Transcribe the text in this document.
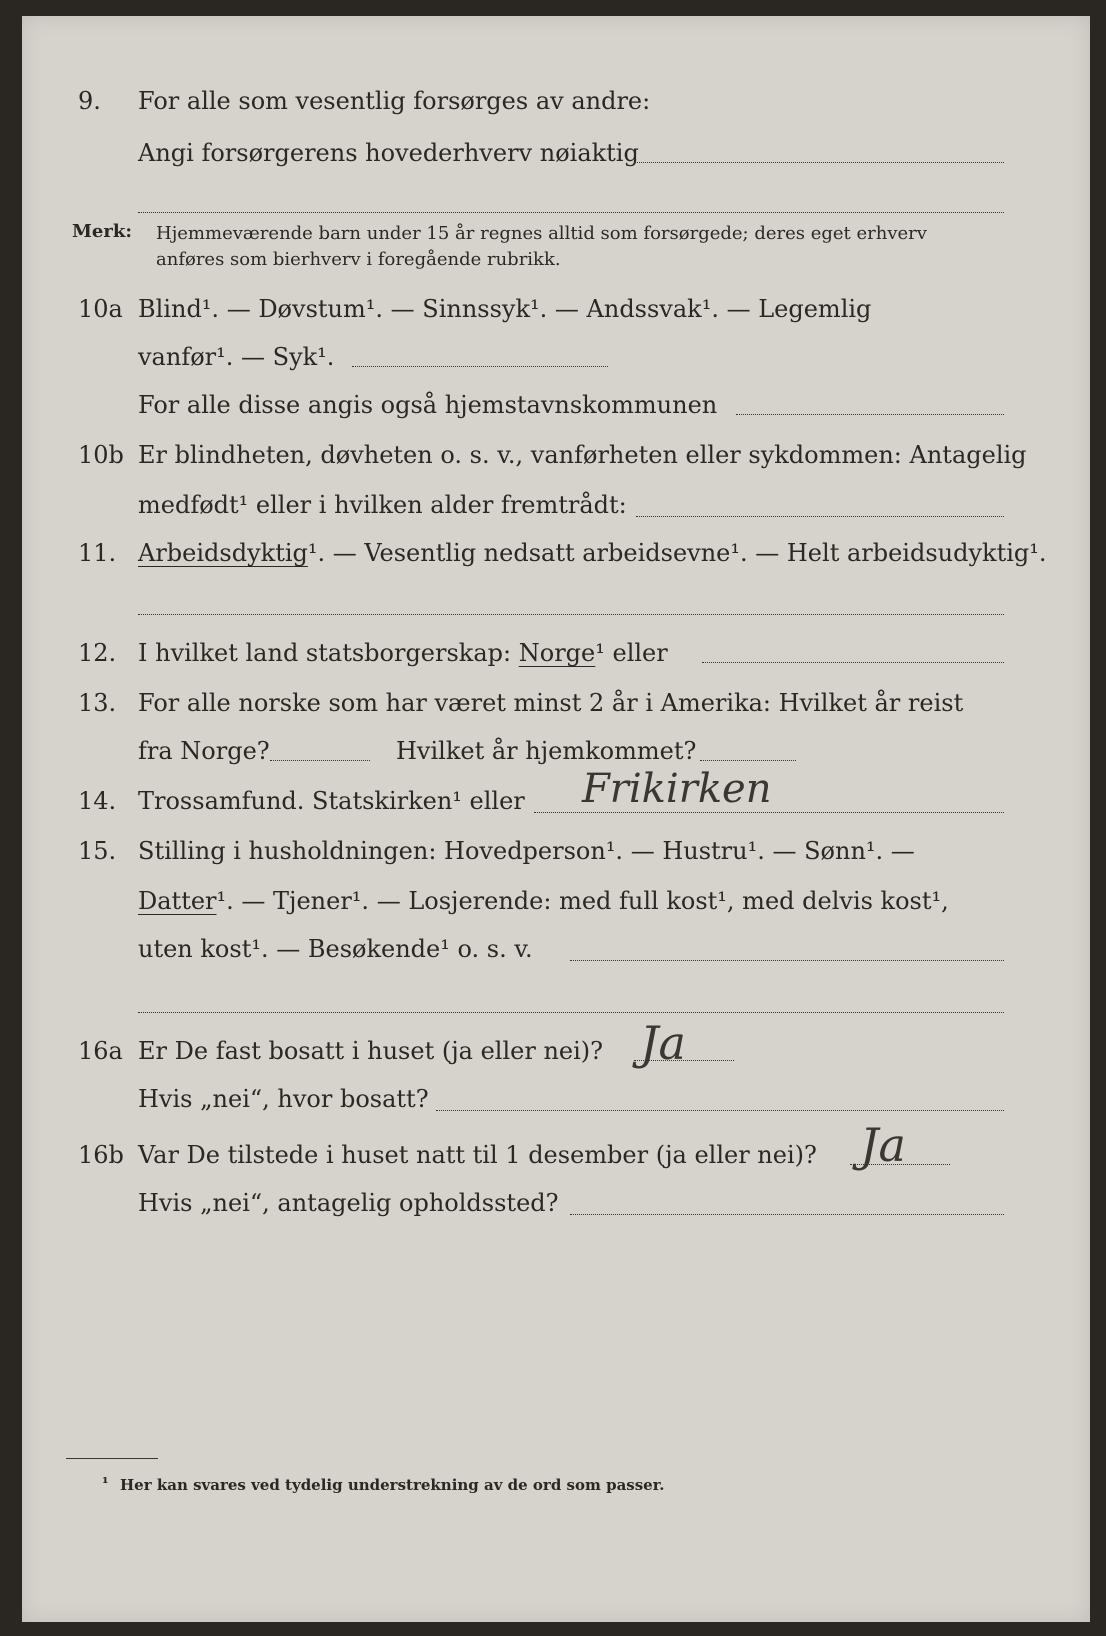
9. For alle som vesentlig forsørges av andre:
Angi forsørgerens hovederhverv nøiaktig
Merk: Hjemmeværende barn under 15 år regnes alltid som forsørgede; deres eget erhverv
anføres som bierhverv i foregående rubrikk.
10a Blind¹. — Døvstum¹. — Sinnssyk¹. — Andssvak¹. — Legemlig
vanfør¹. — Syk¹.
For alle disse angis også hjemstavnskommunen
10b Er blindheten, døvheten o. s. v., vanførheten eller sykdommen: Antagelig
medfødt¹ eller i hvilken alder fremtrådt:
11. Arbeidsdyktig¹. — Vesentlig nedsatt arbeidsevne¹. — Helt arbeidsudyktig¹.
12. I hvilket land statsborgerskap: Norge¹ eller
13. For alle norske som har været minst 2 år i Amerika: Hvilket år reist
fra Norge?	Hvilket år hjemkommet?
14. Trossamfund. Statskirken¹ eller Frikirken
15. Stilling i husholdningen: Hovedperson¹. — Hustru¹. — Sønn¹. —
Datter¹. — Tjener¹. — Losjerende: med full kost¹, med delvis kost¹,
uten kost¹. — Besøkende¹ o. s. v.
16a Er De fast bosatt i huset (ja eller nei)? Ja
Hvis „nei“, hvor bosatt?
16b Var De tilstede i huset natt til 1 desember (ja eller nei)? Ja
Hvis „nei“, antagelig opholdssted?
¹ Her kan svares ved tydelig understrekning av de ord som passer.
